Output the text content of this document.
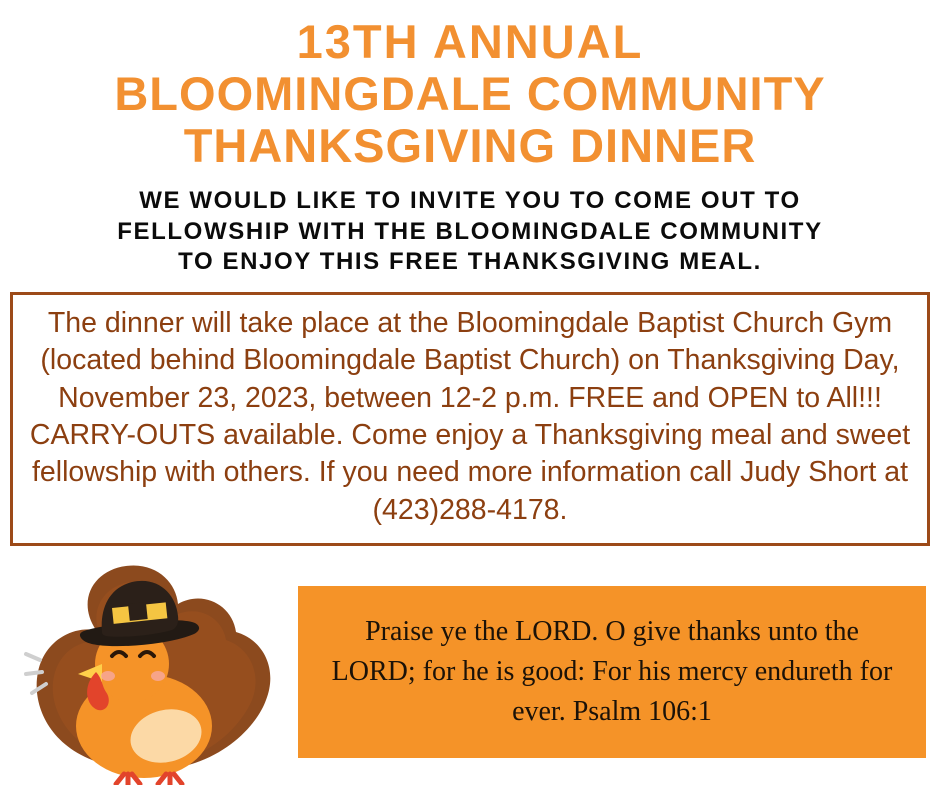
13TH ANNUAL
BLOOMINGDALE COMMUNITY
THANKSGIVING DINNER
WE WOULD LIKE TO INVITE YOU TO COME OUT TO
FELLOWSHIP WITH THE BLOOMINGDALE COMMUNITY
TO ENJOY THIS FREE THANKSGIVING MEAL.

The dinner will take place at the Bloomingdale Baptist Church Gym (located behind Bloomingdale Baptist Church) on Thanksgiving Day, November 23, 2023, between 12-2 p.m. FREE and OPEN to All!!! CARRY-OUTS available. Come enjoy a Thanksgiving meal and sweet fellowship with others. If you need more information call Judy Short at (423)288-4178.

Praise ye the LORD. O give thanks unto the LORD; for he is good: For his mercy endureth for ever. Psalm 106:1
